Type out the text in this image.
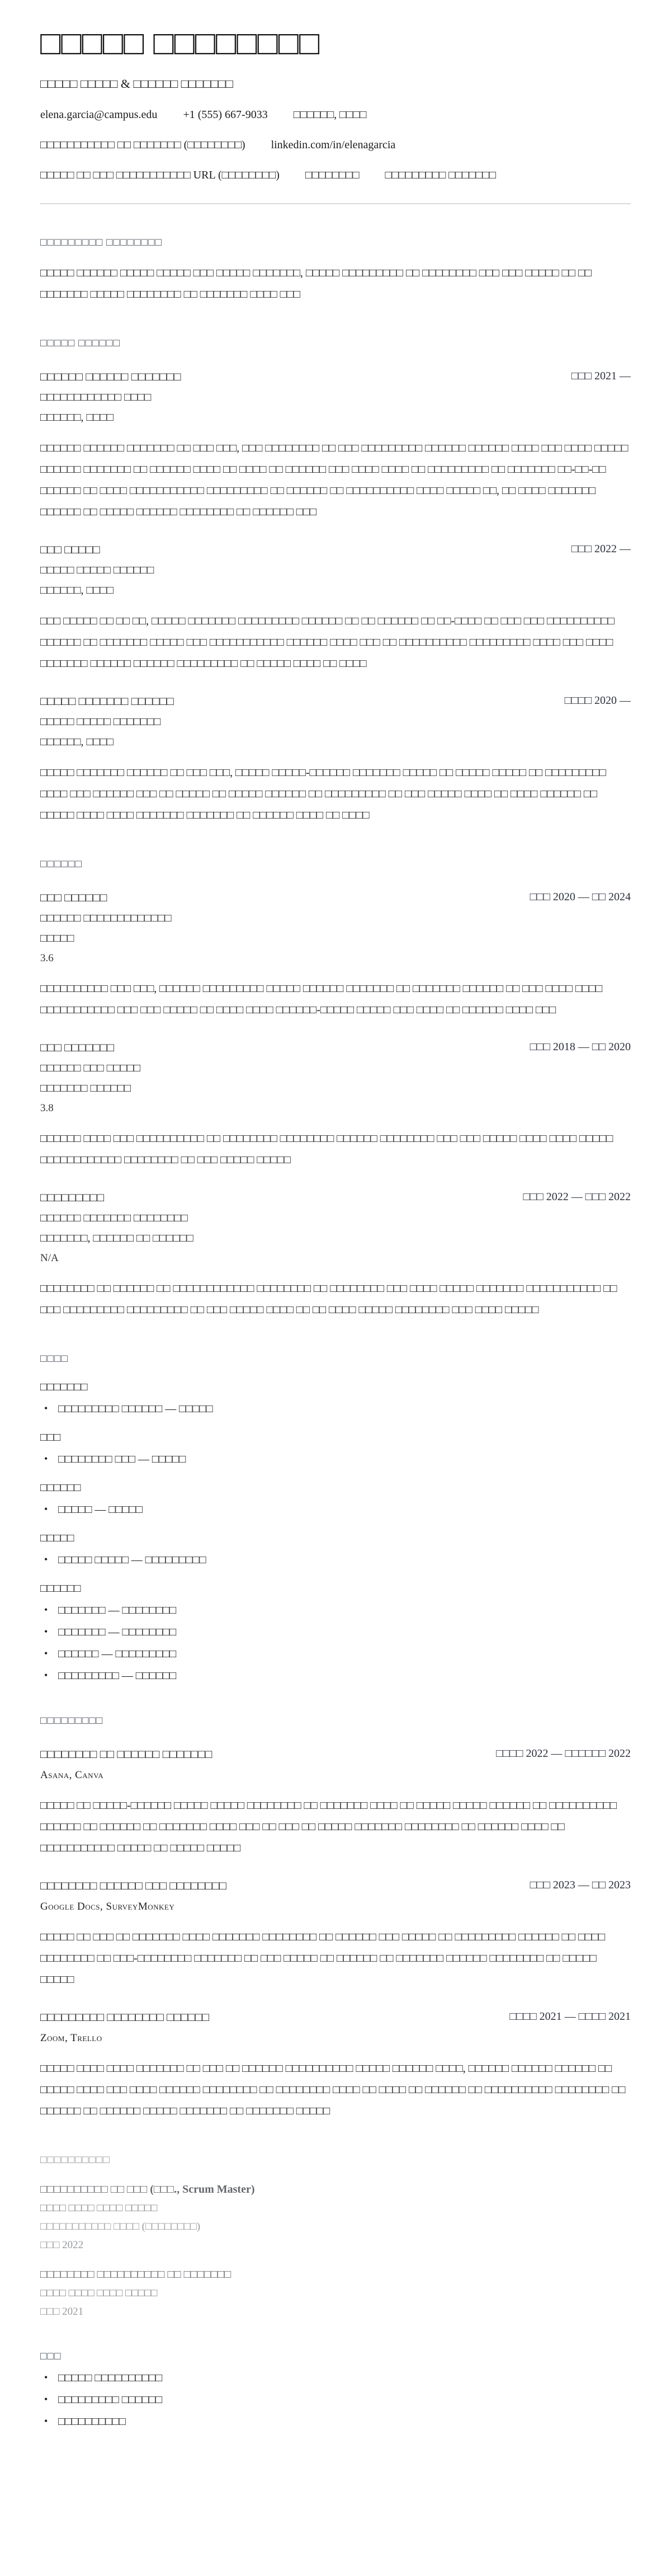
□□□□□ □□□□□□□□
□□□□□ □□□□□ & □□□□□□ □□□□□□□
elena.garcia@campus.edu +1 (555) 667-9033 □□□□□□, □□□□
□□□□□□□□□□□ □□ □□□□□□□ (□□□□□□□□) linkedin.com/in/elenagarcia
□□□□□ □□ □□□ □□□□□□□□□□□ URL (□□□□□□□□) □□□□□□□□ □□□□□□□□□ □□□□□□□
□□□□□□□□□ □□□□□□□□

□□□□□ □□□□□□ □□□□□ □□□□□ □□□ □□□□□ □□□□□□□, □□□□□ □□□□□□□□□ □□ □□□□□□□□ □□□ □□□ □□□□□ □□ □□ □□□□□□□ □□□□□ □□□□□□□□ □□ □□□□□□□ □□□□ □□□

□□□□□ □□□□□□
□□□□□□ □□□□□□ □□□□□□□	□□□ 2021 —
□□□□□□□□□□□□ □□□□
□□□□□□, □□□□

□□□□□□ □□□□□□ □□□□□□□ □□ □□□ □□□, □□□ □□□□□□□□ □□ □□□ □□□□□□□□□ □□□□□□ □□□□□□ □□□□ □□□ □□□□ □□□□□ □□□□□□ □□□□□□□ □□ □□□□□□ □□□□ □□ □□□□ □□ □□□□□□ □□□ □□□□ □□□□ □□ □□□□□□□□□ □□ □□□□□□□ □□-□□-□□ □□□□□□ □□ □□□□ □□□□□□□□□□□ □□□□□□□□□ □□ □□□□□□ □□ □□□□□□□□□□ □□□□ □□□□□ □□, □□ □□□□ □□□□□□□ □□□□□□ □□ □□□□□ □□□□□□ □□□□□□□□ □□ □□□□□□ □□□

□□□ □□□□□	□□□ 2022 —
□□□□□ □□□□□ □□□□□□
□□□□□□, □□□□

□□□ □□□□□ □□ □□ □□, □□□□□ □□□□□□□ □□□□□□□□□ □□□□□□ □□ □□ □□□□□□ □□ □□-□□□□ □□ □□□ □□□ □□□□□□□□□□ □□□□□□ □□ □□□□□□□ □□□□□ □□□ □□□□□□□□□□□ □□□□□□ □□□□ □□□ □□ □□□□□□□□□□ □□□□□□□□□ □□□□ □□□ □□□□ □□□□□□□ □□□□□□ □□□□□□ □□□□□□□□□ □□ □□□□□ □□□□ □□ □□□□

□□□□□ □□□□□□□ □□□□□□	□□□□ 2020 —
□□□□□ □□□□□ □□□□□□□
□□□□□□, □□□□

□□□□□ □□□□□□□ □□□□□□ □□ □□□ □□□, □□□□□ □□□□□-□□□□□□ □□□□□□□ □□□□□ □□ □□□□□ □□□□□ □□ □□□□□□□□□ □□□□ □□□ □□□□□□ □□□ □□ □□□□□ □□ □□□□□ □□□□□□ □□ □□□□□□□□□ □□ □□□ □□□□□ □□□□ □□ □□□□ □□□□□□ □□ □□□□□ □□□□ □□□□ □□□□□□□ □□□□□□□ □□ □□□□□□ □□□□ □□ □□□□

□□□□□□
□□□ □□□□□□	□□□ 2020 — □□ 2024
□□□□□□ □□□□□□□□□□□□□
□□□□□
3.6

□□□□□□□□□□ □□□ □□□, □□□□□□ □□□□□□□□□ □□□□□ □□□□□□ □□□□□□□ □□ □□□□□□□ □□□□□□ □□ □□□ □□□□ □□□□ □□□□□□□□□□□ □□□ □□□ □□□□□ □□ □□□□ □□□□ □□□□□□-□□□□□ □□□□□ □□□ □□□□ □□ □□□□□□ □□□□ □□□

□□□ □□□□□□□	□□□ 2018 — □□ 2020
□□□□□□ □□□ □□□□□
□□□□□□□ □□□□□□
3.8

□□□□□□ □□□□ □□□ □□□□□□□□□□ □□ □□□□□□□□ □□□□□□□□ □□□□□□ □□□□□□□□ □□□ □□□ □□□□□ □□□□ □□□□ □□□□□ □□□□□□□□□□□□ □□□□□□□□ □□ □□□ □□□□□ □□□□□

□□□□□□□□□	□□□ 2022 — □□□ 2022
□□□□□□ □□□□□□□ □□□□□□□□
□□□□□□□, □□□□□□ □□ □□□□□□
N/A

□□□□□□□□ □□ □□□□□□ □□ □□□□□□□□□□□□ □□□□□□□□ □□ □□□□□□□□ □□□ □□□□ □□□□□ □□□□□□□ □□□□□□□□□□□ □□ □□□ □□□□□□□□□ □□□□□□□□□ □□ □□□ □□□□□ □□□□ □□ □□ □□□□ □□□□□ □□□□□□□□ □□□ □□□□ □□□□□

□□□□
□□□□□□□
• □□□□□□□□□ □□□□□□ — □□□□□
□□□
• □□□□□□□□ □□□ — □□□□□
□□□□□□
• □□□□□ — □□□□□
□□□□□
• □□□□□ □□□□□ — □□□□□□□□□
□□□□□□
• □□□□□□□ — □□□□□□□□
• □□□□□□□ — □□□□□□□□
• □□□□□□ — □□□□□□□□□
• □□□□□□□□□ — □□□□□□
□□□□□□□□□
□□□□□□□□ □□ □□□□□□ □□□□□□□	□□□□ 2022 — □□□□□□ 2022
Asana, Canva

□□□□□ □□ □□□□□-□□□□□□ □□□□□ □□□□□ □□□□□□□□ □□ □□□□□□□ □□□□ □□ □□□□□ □□□□□ □□□□□□ □□ □□□□□□□□□□ □□□□□□ □□ □□□□□□ □□ □□□□□□□ □□□□ □□□ □□ □□□ □□ □□□□□ □□□□□□□ □□□□□□□□ □□ □□□□□□ □□□□ □□ □□□□□□□□□□□ □□□□□ □□ □□□□□ □□□□□

□□□□□□□□ □□□□□□ □□□ □□□□□□□□	□□□ 2023 — □□ 2023
Google Docs, SurveyMonkey

□□□□□ □□ □□□ □□ □□□□□□□ □□□□ □□□□□□□ □□□□□□□□ □□ □□□□□□ □□□ □□□□□ □□ □□□□□□□□□ □□□□□□ □□ □□□□ □□□□□□□□ □□ □□□-□□□□□□□□ □□□□□□□ □□ □□□ □□□□□ □□ □□□□□□ □□ □□□□□□□ □□□□□□ □□□□□□□□ □□ □□□□□ □□□□□

□□□□□□□□□ □□□□□□□□ □□□□□□	□□□□ 2021 — □□□□ 2021
Zoom, Trello

□□□□□ □□□□ □□□□ □□□□□□□ □□ □□□ □□ □□□□□□ □□□□□□□□□□ □□□□□ □□□□□□ □□□□, □□□□□□ □□□□□□ □□□□□□ □□ □□□□□ □□□□ □□□ □□□□ □□□□□□ □□□□□□□□ □□ □□□□□□□□ □□□□ □□ □□□□ □□ □□□□□□ □□ □□□□□□□□□□ □□□□□□□□ □□ □□□□□□ □□ □□□□□□ □□□□□ □□□□□□□ □□ □□□□□□□ □□□□□

□□□□□□□□□□
□□□□□□□□□□ □□ □□□ (□□□., Scrum Master)
□□□□ □□□□ □□□□ □□□□□
□□□□□□□□□□□ □□□□ (□□□□□□□□)
□□□ 2022
□□□□□□□□ □□□□□□□□□□ □□ □□□□□□□
□□□□ □□□□ □□□□ □□□□□
□□□ 2021
□□□
• □□□□□ □□□□□□□□□□
• □□□□□□□□□ □□□□□□
• □□□□□□□□□□
